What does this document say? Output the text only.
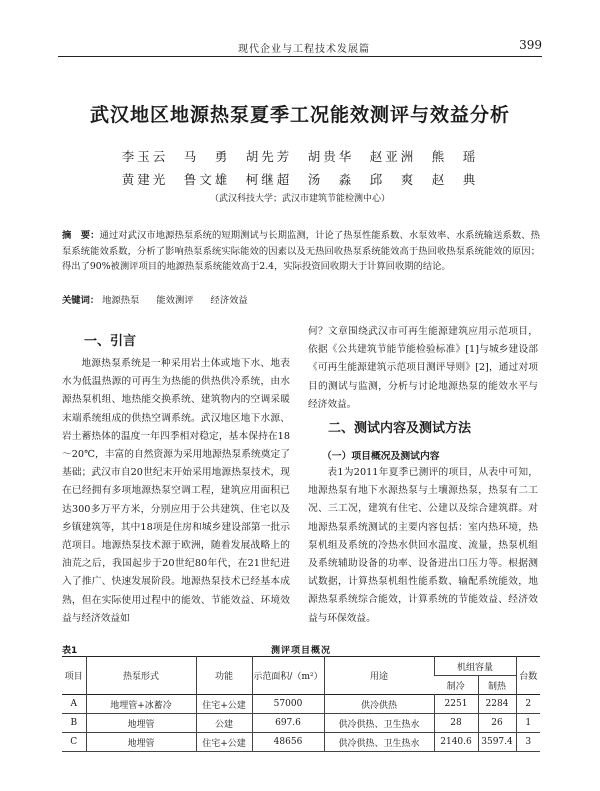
现代企业与工程技术发展篇	399
武汉地区地源热泵夏季工况能效测评与效益分析
李玉云　马　勇　胡先芳　胡贵华　赵亚洲　熊　瑶
黄建光　鲁文雄　柯继超　汤　淼　邱　爽　赵　典
（武汉科技大学；武汉市建筑节能检测中心）
摘　要：通过对武汉市地源热泵系统的短期测试与长期监测，计论了热泵性能系数、水泵效率、水系统输送系数、热泵系统能效系数，分析了影响热泵系统实际能效的因素以及无热回收热泵系统能效高于热回收热泵系统能效的原因；得出了90%被测评项目的地源热泵系统能效高于2.4，实际投资回收期大于计算回收期的结论。
关键词： 地源热泵 能效测评 经济效益
一、引言
地源热泵系统是一种采用岩土体或地下水、地表水为低温热源的可再生为热能的供热供冷系统，由水源热泵机组、地热能交换系统、建筑物内的空调采暖末端系统组成的供热空调系统。武汉地区地下水源、岩土蓄热体的温度一年四季相对稳定，基本保持在18～20℃，丰富的自然资源为采用地源热泵系统奠定了基础；武汉市自20世纪末开始采用地源热泵技术，现在已经拥有多项地源热泵空调工程，建筑应用面积已达300多万平方米，分别应用于公共建筑、住宅以及乡镇建筑等，其中18项是住房和城乡建设部第一批示范项目。地源热泵技术源于欧洲，随着发展战略上的油荒之后，我国起步于20世纪80年代，在21世纪进入了推广、快速发展阶段。地源热泵技术已经基本成熟，但在实际使用过程中的能效、节能效益、环境效益与经济效益如
何？文章围绕武汉市可再生能源建筑应用示范项目，依据《公共建筑节能节能检验标准》[1]与城乡建设部《可再生能源建筑示范项目测评导则》[2]，通过对项目的测试与监测，分析与讨论地源热泵的能效水平与经济效益。
二、测试内容及测试方法
（一）项目概况及测试内容
表1为2011年夏季已测评的项目，从表中可知，地源热泵有地下水源热泵与土壤源热泵，热泵有二工况、三工况，建筑有住宅、公建以及综合建筑群。对地源热泵系统测试的主要内容包括：室内热环境，热泵机组及系统的冷热水供回水温度、流量，热泵机组及系统辅助设备的功率、设备进出口压力等。根据测试数据，计算热泵机组性能系数、输配系统能效，地源热泵系统综合能效，计算系统的节能效益、经济效益与环保效益。
表1	测评项目概况
项目	热泵形式	功能	示范面积/（m²）	用途	机组容量		台数
					制冷	制热	
A	地埋管+冰蓄冷	住宅+公建	57000	供冷供热	2251	2284	2
B	地埋管	公建	697.6	供冷供热、卫生热水	28	26	1
C	地埋管	住宅+公建	48656	供冷供热、卫生热水	2140.6	3597.4	3
